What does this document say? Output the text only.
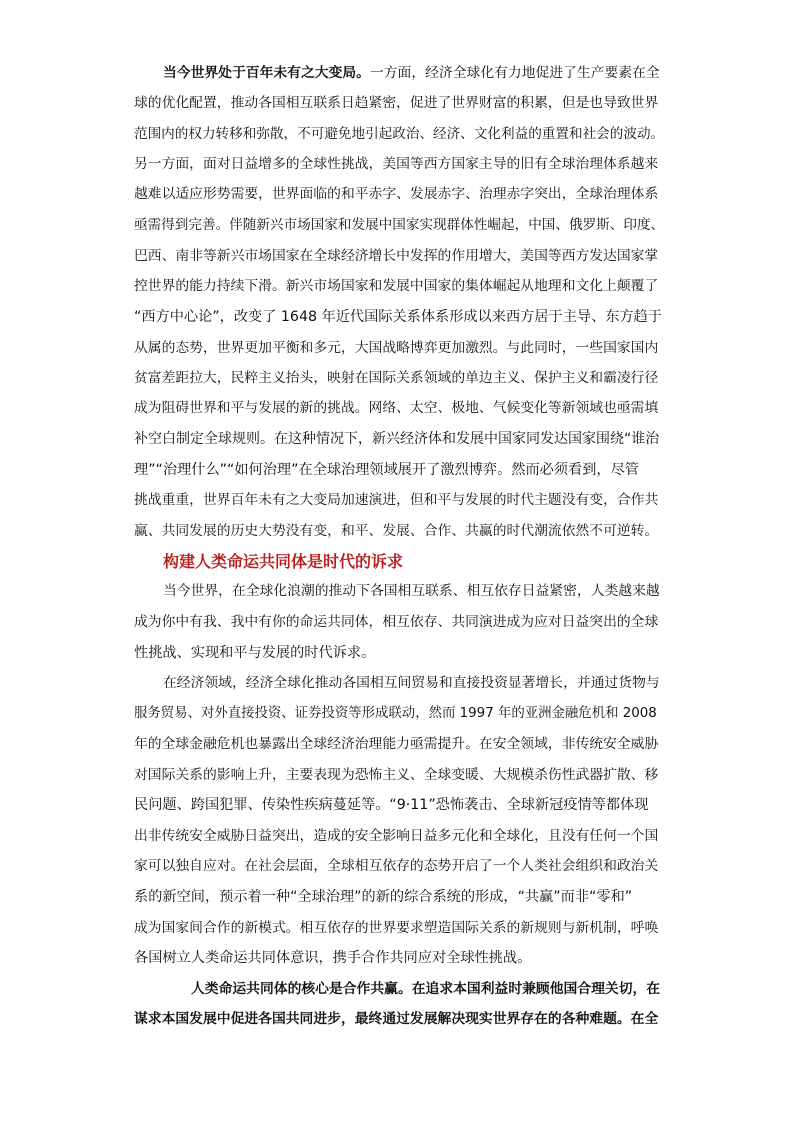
当今世界处于百年未有之大变局。一方面，经济全球化有力地促进了生产要素在全
球的优化配置，推动各国相互联系日趋紧密，促进了世界财富的积累，但是也导致世界
范围内的权力转移和弥散，不可避免地引起政治、经济、文化利益的重置和社会的波动。
另一方面，面对日益增多的全球性挑战，美国等西方国家主导的旧有全球治理体系越来
越难以适应形势需要，世界面临的和平赤字、发展赤字、治理赤字突出，全球治理体系
亟需得到完善。伴随新兴市场国家和发展中国家实现群体性崛起，中国、俄罗斯、印度、
巴西、南非等新兴市场国家在全球经济增长中发挥的作用增大，美国等西方发达国家掌
控世界的能力持续下滑。新兴市场国家和发展中国家的集体崛起从地理和文化上颠覆了
“西方中心论”，改变了 1648 年近代国际关系体系形成以来西方居于主导、东方趋于
从属的态势，世界更加平衡和多元，大国战略博弈更加激烈。与此同时，一些国家国内
贫富差距拉大，民粹主义抬头，映射在国际关系领域的单边主义、保护主义和霸凌行径
成为阻碍世界和平与发展的新的挑战。网络、太空、极地、气候变化等新领域也亟需填
补空白制定全球规则。在这种情况下，新兴经济体和发展中国家同发达国家围绕“谁治
理”“治理什么”“如何治理”在全球治理领域展开了激烈博弈。然而必须看到，尽管
挑战重重，世界百年未有之大变局加速演进，但和平与发展的时代主题没有变，合作共
赢、共同发展的历史大势没有变，和平、发展、合作、共赢的时代潮流依然不可逆转。
构建人类命运共同体是时代的诉求
当今世界，在全球化浪潮的推动下各国相互联系、相互依存日益紧密，人类越来越
成为你中有我、我中有你的命运共同体，相互依存、共同演进成为应对日益突出的全球
性挑战、实现和平与发展的时代诉求。
在经济领域，经济全球化推动各国相互间贸易和直接投资显著增长，并通过货物与
服务贸易、对外直接投资、证券投资等形成联动，然而 1997 年的亚洲金融危机和 2008
年的全球金融危机也暴露出全球经济治理能力亟需提升。在安全领域，非传统安全威胁
对国际关系的影响上升，主要表现为恐怖主义、全球变暖、大规模杀伤性武器扩散、移
民问题、跨国犯罪、传染性疾病蔓延等。“9·11”恐怖袭击、全球新冠疫情等都体现
出非传统安全威胁日益突出，造成的安全影响日益多元化和全球化，且没有任何一个国
家可以独自应对。在社会层面，全球相互依存的态势开启了一个人类社会组织和政治关
系的新空间，预示着一种“全球治理”的新的综合系统的形成，“共赢”而非“零和”
成为国家间合作的新模式。相互依存的世界要求塑造国际关系的新规则与新机制，呼唤
各国树立人类命运共同体意识，携手合作共同应对全球性挑战。
人类命运共同体的核心是合作共赢。在追求本国利益时兼顾他国合理关切，在
谋求本国发展中促进各国共同进步，最终通过发展解决现实世界存在的各种难题。在全
